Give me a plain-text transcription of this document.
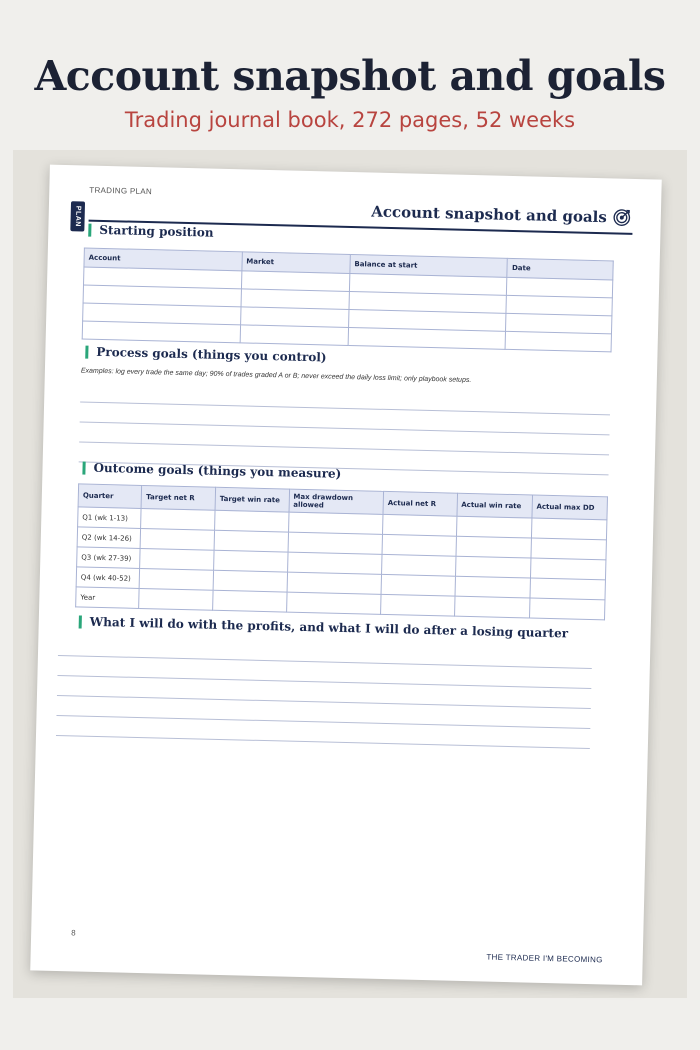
Account snapshot and goals
Trading journal book, 272 pages, 52 weeks
TRADING PLAN
PLAN	Account snapshot and goals
Starting position
Account	Market	Balance at start	Date

Process goals (things you control)
Examples: log every trade the same day; 90% of trades graded A or B; never exceed the daily loss limit; only playbook setups.
Outcome goals (things you measure)
Quarter	Target net R	Target win rate	Max drawdown allowed	Actual net R	Actual win rate	Actual max DD
Q1 (wk 1-13)						
Q2 (wk 14-26)						
Q3 (wk 27-39)						
Q4 (wk 40-52)						
Year						
What I will do with the profits, and what I will do after a losing quarter
8
THE TRADER I'M BECOMING
